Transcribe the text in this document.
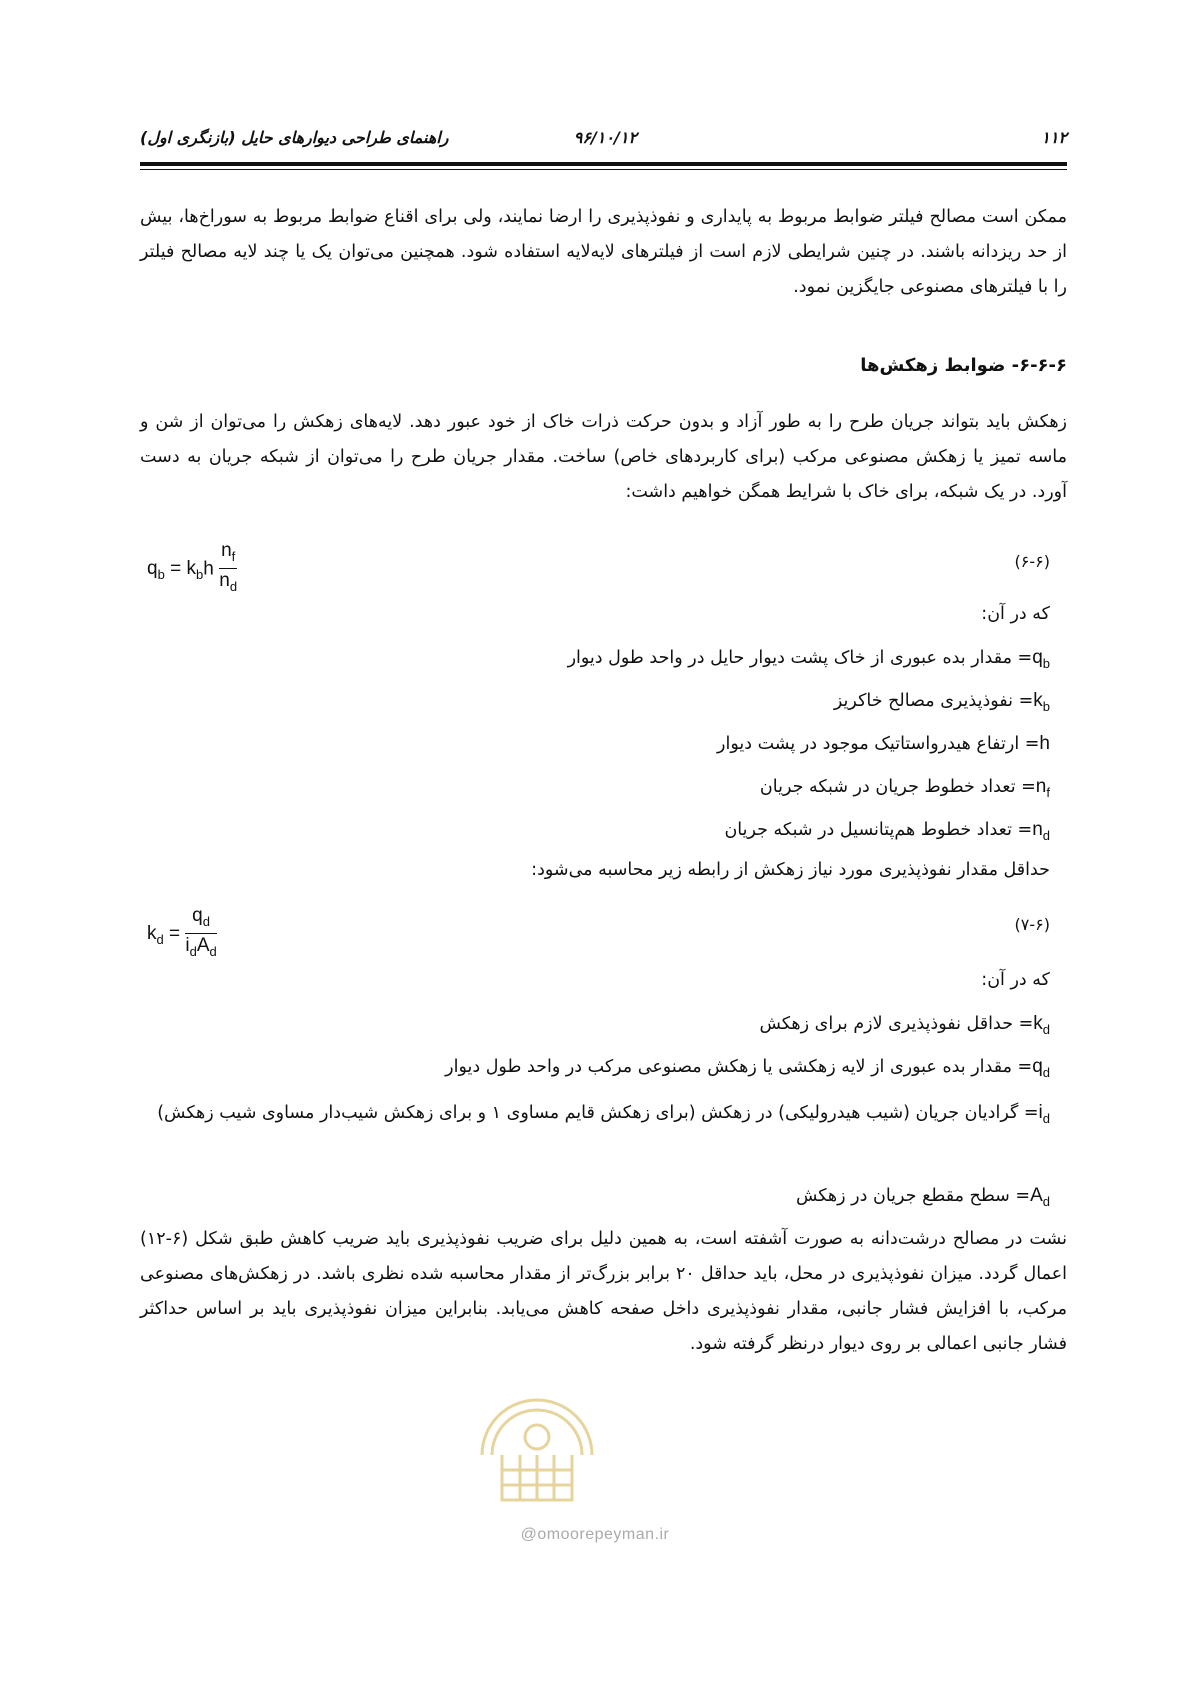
۱۱۲
۹۶/۱۰/۱۲
راهنمای طراحی دیوارهای حایل (بازنگری اول)
ممکن است مصالح فیلتر ضوابط مربوط به پایداری و نفوذپذیری را ارضا نمایند، ولی برای اقناع ضوابط مربوط به سوراخ‌ها، بیش از حد ریزدانه باشند. در چنین شرایطی لازم است از فیلترهای لایه‌لایه استفاده شود. همچنین می‌توان یک یا چند لایه مصالح فیلتر را با فیلترهای مصنوعی جایگزین نمود.
۶-۶-۶- ضوابط زهکش‌ها
زهکش باید بتواند جریان طرح را به طور آزاد و بدون حرکت ذرات خاک از خود عبور دهد. لایه‌های زهکش را می‌توان از شن و ماسه تمیز یا زهکش مصنوعی مرکب (برای کاربردهای خاص) ساخت. مقدار جریان طرح را می‌توان از شبکه جریان به دست آورد. در یک شبکه، برای خاک با شرایط همگن خواهیم داشت:
$q_b = k_bh \frac{n_f}{n_d}$	(۶-۶)
که در آن:
$q_b=$ مقدار بده عبوری از خاک پشت دیوار حایل در واحد طول دیوار
$k_b=$ نفوذپذیری مصالح خاکریز
h= ارتفاع هیدرواستاتیک موجود در پشت دیوار
$n_f=$ تعداد خطوط جریان در شبکه جریان
$n_d=$ تعداد خطوط هم‌پتانسیل در شبکه جریان
حداقل مقدار نفوذپذیری مورد نیاز زهکش از رابطه زیر محاسبه می‌شود:
$k_d = \frac{q_d}{i_dA_d}$	(۷-۶)
که در آن:
$k_d=$ حداقل نفوذپذیری لازم برای زهکش
$q_d=$ مقدار بده عبوری از لایه زهکشی یا زهکش مصنوعی مرکب در واحد طول دیوار
$i_d=$ گرادیان جریان (شیب هیدرولیکی) در زهکش (برای زهکش قایم مساوی ۱ و برای زهکش شیب‌دار مساوی شیب زهکش)
$A_d=$ سطح مقطع جریان در زهکش
نشت در مصالح درشت‌دانه به صورت آشفته است، به همین دلیل برای ضریب نفوذپذیری باید ضریب کاهش طبق شکل (۶-۱۲) اعمال گردد. میزان نفوذپذیری در محل، باید حداقل ۲۰ برابر بزرگ‌تر از مقدار محاسبه شده نظری باشد. در زهکش‌های مصنوعی مرکب، با افزایش فشار جانبی، مقدار نفوذپذیری داخل صفحه کاهش می‌یابد. بنابراین میزان نفوذپذیری باید بر اساس حداکثر فشار جانبی اعمالی بر روی دیوار درنظر گرفته شود.
@omoorepeyman.ir
